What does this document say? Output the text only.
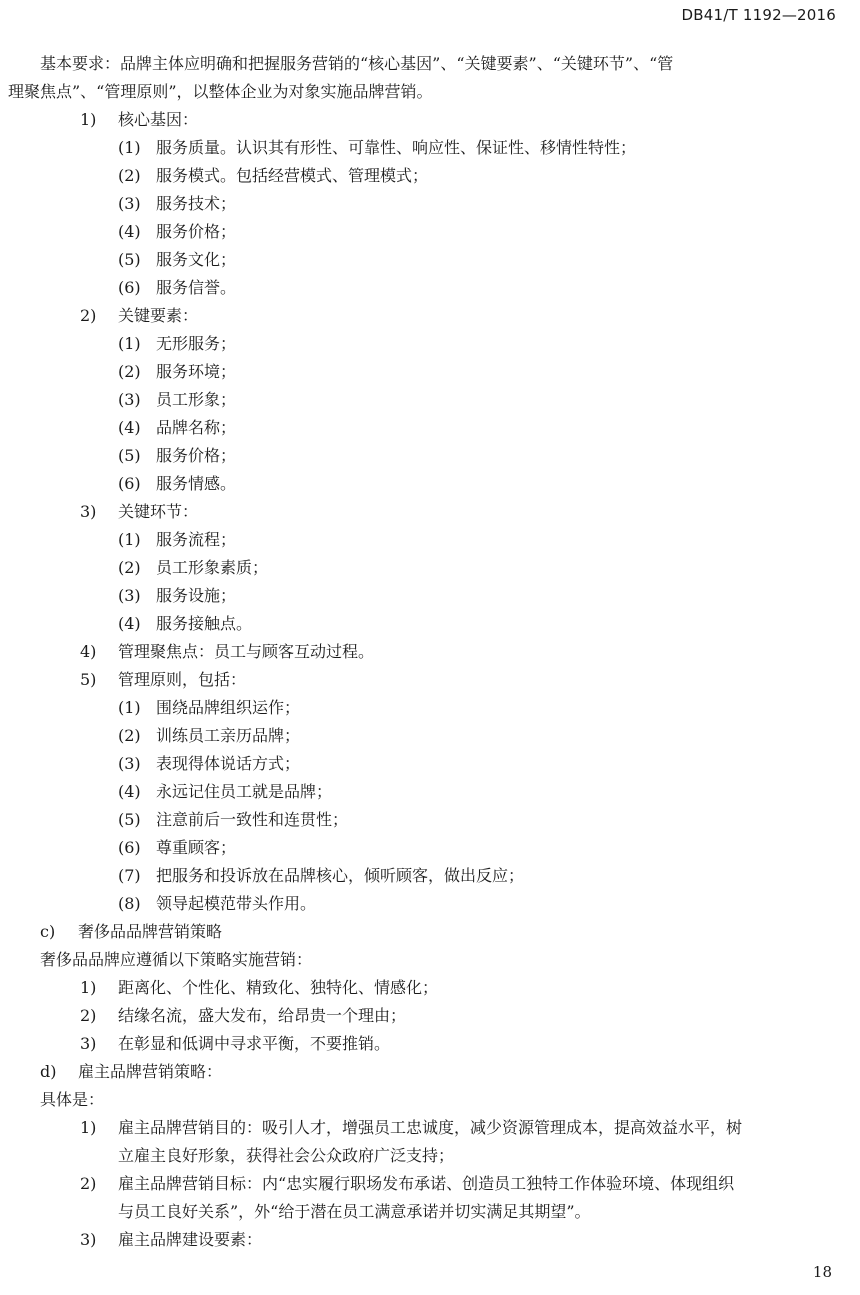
DB41/T 1192—2016
基本要求：品牌主体应明确和把握服务营销的“核心基因”、“关键要素”、“关键环节”、“管
理聚焦点”、“管理原则”，以整体企业为对象实施品牌营销。
1) 核心基因：
(1) 服务质量。认识其有形性、可靠性、响应性、保证性、移情性特性；
(2) 服务模式。包括经营模式、管理模式；
(3) 服务技术；
(4) 服务价格；
(5) 服务文化；
(6) 服务信誉。
2) 关键要素：
(1) 无形服务；
(2) 服务环境；
(3) 员工形象；
(4) 品牌名称；
(5) 服务价格；
(6) 服务情感。
3) 关键环节：
(1) 服务流程；
(2) 员工形象素质；
(3) 服务设施；
(4) 服务接触点。
4) 管理聚焦点：员工与顾客互动过程。
5) 管理原则，包括：
(1) 围绕品牌组织运作；
(2) 训练员工亲历品牌；
(3) 表现得体说话方式；
(4) 永远记住员工就是品牌；
(5) 注意前后一致性和连贯性；
(6) 尊重顾客；
(7) 把服务和投诉放在品牌核心，倾听顾客，做出反应；
(8) 领导起模范带头作用。
c) 奢侈品品牌营销策略
奢侈品品牌应遵循以下策略实施营销：
1) 距离化、个性化、精致化、独特化、情感化；
2) 结缘名流，盛大发布，给昂贵一个理由；
3) 在彰显和低调中寻求平衡，不要推销。
d) 雇主品牌营销策略：
具体是：
1) 雇主品牌营销目的：吸引人才，增强员工忠诚度，减少资源管理成本，提高效益水平，树
立雇主良好形象，获得社会公众政府广泛支持；
2) 雇主品牌营销目标：内“忠实履行职场发布承诺、创造员工独特工作体验环境、体现组织
与员工良好关系”，外“给于潜在员工满意承诺并切实满足其期望”。
3) 雇主品牌建设要素：
18
